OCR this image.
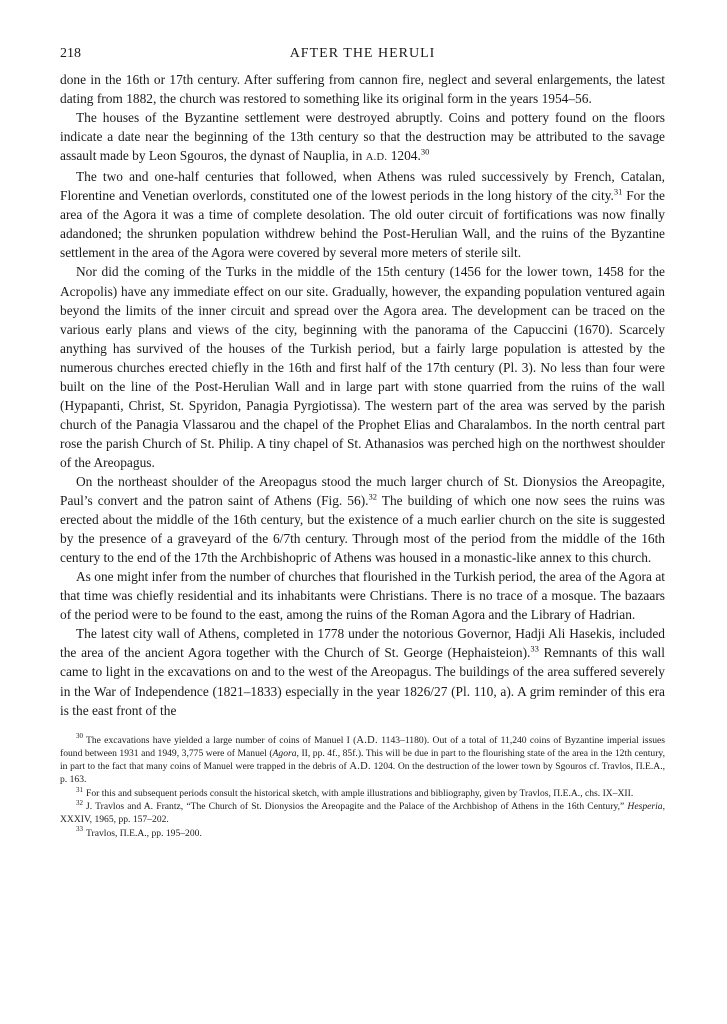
218	AFTER THE HERULI

done in the 16th or 17th century. After suffering from cannon fire, neglect and several enlargements, the latest dating from 1882, the church was restored to something like its original form in the years 1954–56.

The houses of the Byzantine settlement were destroyed abruptly. Coins and pottery found on the floors indicate a date near the beginning of the 13th century so that the destruction may be attributed to the savage assault made by Leon Sgouros, the dynast of Nauplia, in A.D. 1204.30

The two and one-half centuries that followed, when Athens was ruled successively by French, Catalan, Florentine and Venetian overlords, constituted one of the lowest periods in the long history of the city.$^{31}$ For the area of the Agora it was a time of complete desolation. The old outer circuit of fortifications was now finally adandoned; the shrunken population withdrew behind the Post-Herulian Wall, and the ruins of the Byzantine settlement in the area of the Agora were covered by several more meters of sterile silt.

Nor did the coming of the Turks in the middle of the 15th century (1456 for the lower town, 1458 for the Acropolis) have any immediate effect on our site. Gradually, however, the expanding population ventured again beyond the limits of the inner circuit and spread over the Agora area. The development can be traced on the various early plans and views of the city, beginning with the panorama of the Capuccini (1670). Scarcely anything has survived of the houses of the Turkish period, but a fairly large population is attested by the numerous churches erected chiefly in the 16th and first half of the 17th century (Pl. 3). No less than four were built on the line of the Post-Herulian Wall and in large part with stone quarried from the ruins of the wall (Hypapanti, Christ, St. Spyridon, Panagia Pyrgiotissa). The western part of the area was served by the parish church of the Panagia Vlassarou and the chapel of the Prophet Elias and Charalambos. In the north central part rose the parish Church of St. Philip. A tiny chapel of St. Athanasios was perched high on the northwest shoulder of the Areopagus.

On the northeast shoulder of the Areopagus stood the much larger church of St. Dionysios the Areopagite, Paul’s convert and the patron saint of Athens (Fig. 56).$^{32}$ The building of which one now sees the ruins was erected about the middle of the 16th century, but the existence of a much earlier church on the site is suggested by the presence of a graveyard of the 6/7th century. Through most of the period from the middle of the 16th century to the end of the 17th the Archbishopric of Athens was housed in a monastic-like annex to this church.

As one might infer from the number of churches that flourished in the Turkish period, the area of the Agora at that time was chiefly residential and its inhabitants were Christians. There is no trace of a mosque. The bazaars of the period were to be found to the east, among the ruins of the Roman Agora and the Library of Hadrian.

The latest city wall of Athens, completed in 1778 under the notorious Governor, Hadji Ali Hasekis, included the area of the ancient Agora together with the Church of St. George (Hephaisteion).$^{33}$ Remnants of this wall came to light in the excavations on and to the west of the Areopagus. The buildings of the area suffered severely in the War of Independence (1821–1833) especially in the year 1826/27 (Pl. 110, a). A grim reminder of this era is the east front of the

$^{30}$ The excavations have yielded a large number of coins of Manuel I (A.D. 1143–1180). Out of a total of 11,240 coins of Byzantine imperial issues found between 1931 and 1949, 3,775 were of Manuel (Agora, II, pp. 4f., 85f.). This will be due in part to the flourishing state of the area in the 12th century, in part to the fact that many coins of Manuel were trapped in the debris of A.D. 1204. On the destruction of the lower town by Sgouros cf. Travlos, Π.E.A., p. 163.

$^{31}$ For this and subsequent periods consult the historical sketch, with ample illustrations and bibliography, given by Travlos, Π.E.A., chs. IX–XII.

$^{32}$ J. Travlos and A. Frantz, “The Church of St. Dionysios the Areopagite and the Palace of the Archbishop of Athens in the 16th Century,” Hesperia, XXXIV, 1965, pp. 157–202.

$^{33}$ Travlos, Π.E.A., pp. 195–200.
